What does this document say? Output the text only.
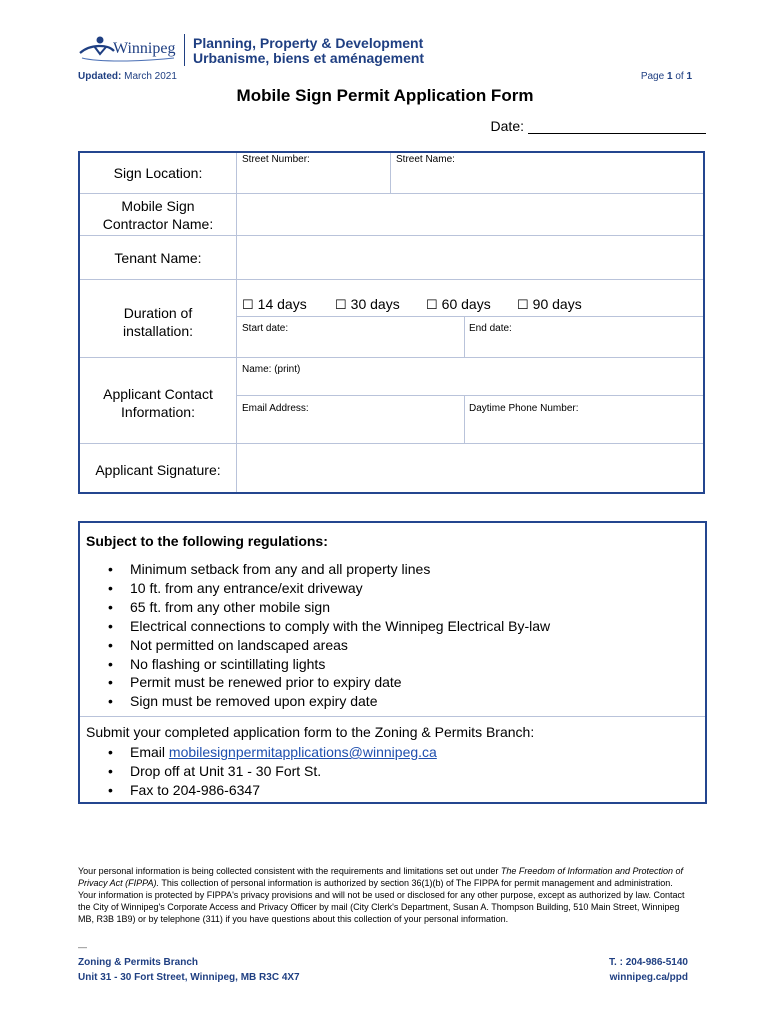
Winnipeg Planning, Property & Development
Urbanisme, biens et aménagement
Updated: March 2021	Page 1 of 1
Mobile Sign Permit Application Form
Date:
Sign Location:
Street Number:	Street Name:
Mobile Sign
Contractor Name:
Tenant Name:
Duration of
installation:
☐ 14 days ☐ 30 days ☐ 60 days ☐ 90 days
Start date:	End date:
Applicant Contact
Information:
Name: (print)
Email Address:	Daytime Phone Number:
Applicant Signature:
Subject to the following regulations:
• Minimum setback from any and all property lines
• 10 ft. from any entrance/exit driveway
• 65 ft. from any other mobile sign
• Electrical connections to comply with the Winnipeg Electrical By-law
• Not permitted on landscaped areas
• No flashing or scintillating lights
• Permit must be renewed prior to expiry date
• Sign must be removed upon expiry date
Submit your completed application form to the Zoning & Permits Branch:
• Email mobilesignpermitapplications@winnipeg.ca
• Drop off at Unit 31 - 30 Fort St.
• Fax to 204-986-6347
Your personal information is being collected consistent with the requirements and limitations set out under The Freedom of Information and Protection of Privacy Act (FIPPA). This collection of personal information is authorized by section 36(1)(b) of The FIPPA for permit management and administration. Your information is protected by FIPPA's privacy provisions and will not be used or disclosed for any other purpose, except as authorized by law. Contact the City of Winnipeg's Corporate Access and Privacy Officer by mail (City Clerk's Department, Susan A. Thompson Building, 510 Main Street, Winnipeg MB, R3B 1B9) or by telephone (311) if you have questions about this collection of your personal information.
—
Zoning & Permits Branch
Unit 31 - 30 Fort Street, Winnipeg, MB R3C 4X7
T. : 204-986-5140
winnipeg.ca/ppd
